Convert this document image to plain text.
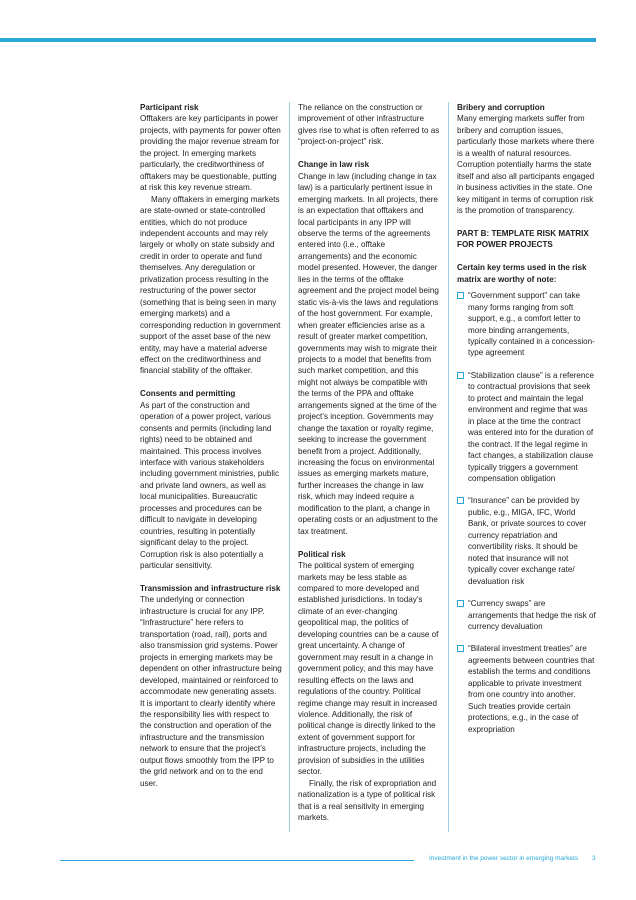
Participant risk

Offtakers are key participants in power projects, with payments for power often providing the major revenue stream for the project. In emerging markets particularly, the creditworthiness of offtakers may be questionable, putting at risk this key revenue stream.

Many offtakers in emerging markets are state-owned or state-controlled entities, which do not produce independent accounts and may rely largely or wholly on state subsidy and credit in order to operate and fund themselves. Any deregulation or privatization process resulting in the restructuring of the power sector (something that is being seen in many emerging markets) and a corresponding reduction in government support of the asset base of the new entity, may have a material adverse effect on the creditworthiness and financial stability of the offtaker.

Consents and permitting

As part of the construction and operation of a power project, various consents and permits (including land rights) need to be obtained and maintained. This process involves interface with various stakeholders including government ministries, public and private land owners, as well as local municipalities. Bureaucratic processes and procedures can be difficult to navigate in developing countries, resulting in potentially significant delay to the project. Corruption risk is also potentially a particular sensitivity.

Transmission and infrastructure risk

The underlying or connection infrastructure is crucial for any IPP. “Infrastructure” here refers to transportation (road, rail), ports and also transmission grid systems. Power projects in emerging markets may be dependent on other infrastructure being developed, maintained or reinforced to accommodate new generating assets. It is important to clearly identify where the responsibility lies with respect to the construction and operation of the infrastructure and the transmission network to ensure that the project’s output flows smoothly from the IPP to the grid network and on to the end user.

The reliance on the construction or improvement of other infrastructure gives rise to what is often referred to as “project-on-project” risk.

Change in law risk

Change in law (including change in tax law) is a particularly pertinent issue in emerging markets. In all projects, there is an expectation that offtakers and local participants in any IPP will observe the terms of the agreements entered into (i.e., offtake arrangements) and the economic model presented. However, the danger lies in the terms of the offtake agreement and the project model being static vis-à-vis the laws and regulations of the host government. For example, when greater efficiencies arise as a result of greater market competition, governments may wish to migrate their projects to a model that benefits from such market competition, and this might not always be compatible with the terms of the PPA and offtake arrangements signed at the time of the project’s inception. Governments may change the taxation or royalty regime, seeking to increase the government benefit from a project. Additionally, increasing the focus on environmental issues as emerging markets mature, further increases the change in law risk, which may indeed require a modification to the plant, a change in operating costs or an adjustment to the tax treatment.

Political risk

The political system of emerging markets may be less stable as compared to more developed and established jurisdictions. In today’s climate of an ever-changing geopolitical map, the politics of developing countries can be a cause of great uncertainty. A change of government may result in a change in government policy, and this may have resulting effects on the laws and regulations of the country. Political regime change may result in increased violence. Additionally, the risk of political change is directly linked to the extent of government support for infrastructure projects, including the provision of subsidies in the utilities sector.

Finally, the risk of expropriation and nationalization is a type of political risk that is a real sensitivity in emerging markets.

Bribery and corruption

Many emerging markets suffer from bribery and corruption issues, particularly those markets where there is a wealth of natural resources. Corruption potentially harms the state itself and also all participants engaged in business activities in the state. One key mitigant in terms of corruption risk is the promotion of transparency.

PART B: TEMPLATE RISK MATRIX FOR POWER PROJECTS

Certain key terms used in the risk matrix are worthy of note:

“Government support” can take many forms ranging from soft support, e.g., a comfort letter to more binding arrangements, typically contained in a concession-type agreement
“Stabilization clause” is a reference to contractual provisions that seek to protect and maintain the legal environment and regime that was in place at the time the contract was entered into for the duration of the contract. If the legal regime in fact changes, a stabilization clause typically triggers a government compensation obligation
“Insurance” can be provided by public, e.g., MIGA, IFC, World Bank, or private sources to cover currency repatriation and convertibility risks. It should be noted that insurance will not typically cover exchange rate/ devaluation risk
“Currency swaps” are arrangements that hedge the risk of currency devaluation
“Bilateral investment treaties” are agreements between countries that establish the terms and conditions applicable to private investment from one country into another. Such treaties provide certain protections, e.g., in the case of expropriation
Investment in the power sector in emerging markets 3
